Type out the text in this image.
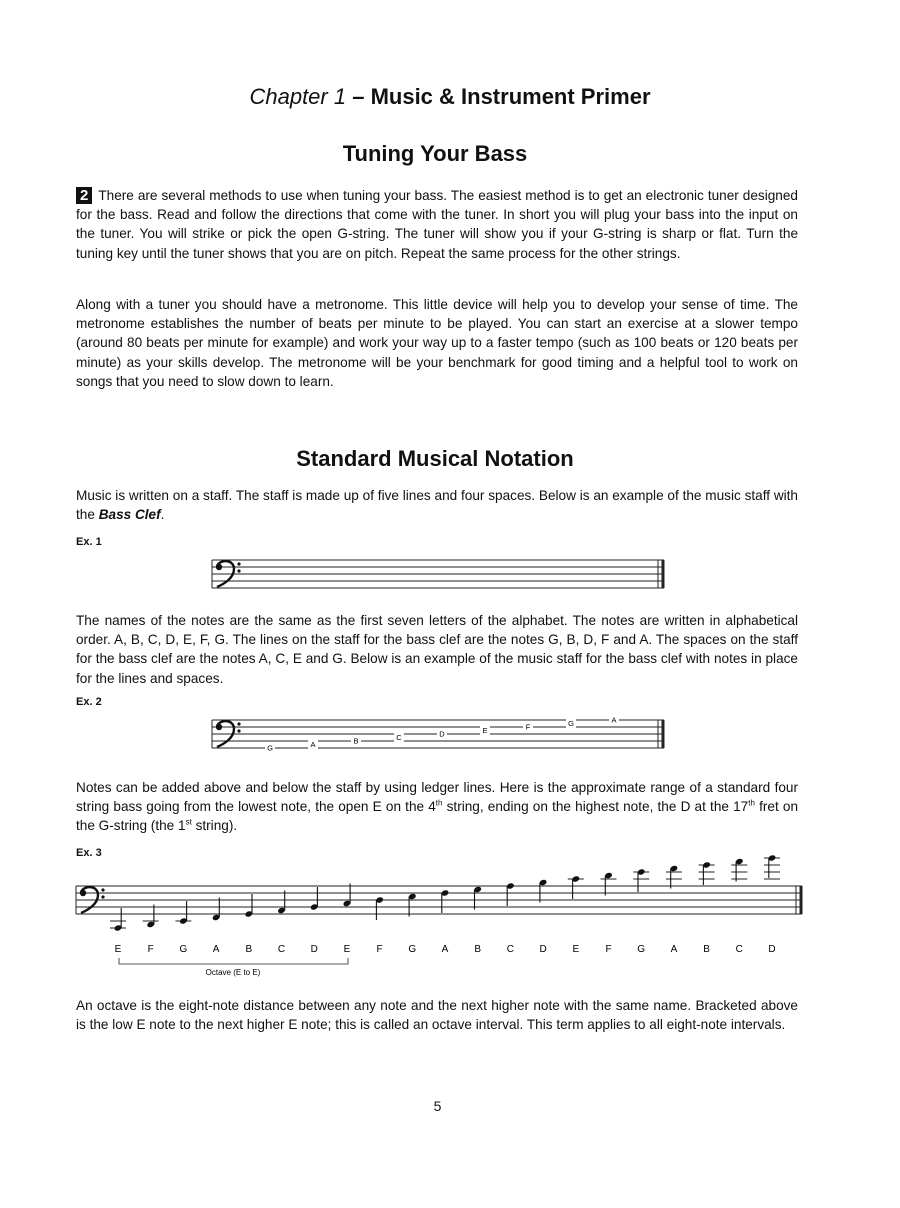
Chapter 1 – Music & Instrument Primer
Tuning Your Bass

2 There are several methods to use when tuning your bass. The easiest method is to get an electronic tuner designed for the bass. Read and follow the directions that come with the tuner. In short you will plug your bass into the input on the tuner. You will strike or pick the open G-string. The tuner will show you if your G-string is sharp or flat. Turn the tuning key until the tuner shows that you are on pitch. Repeat the same process for the other strings.

Along with a tuner you should have a metronome. This little device will help you to develop your sense of time. The metronome establishes the number of beats per minute to be played. You can start an exercise at a slower tempo (around 80 beats per minute for example) and work your way up to a faster tempo (such as 100 beats or 120 beats per minute) as your skills develop. The metronome will be your benchmark for good timing and a helpful tool to work on songs that you need to slow down to learn.

Standard Musical Notation

Music is written on a staff. The staff is made up of five lines and four spaces. Below is an example of the music staff with the Bass Clef.

Ex. 1

The names of the notes are the same as the first seven letters of the alphabet. The notes are written in alphabetical order. A, B, C, D, E, F, G. The lines on the staff for the bass clef are the notes G, B, D, F and A. The spaces on the staff for the bass clef are the notes A, C, E and G. Below is an example of the music staff for the bass clef with notes in place for the lines and spaces.

Ex. 2
G	A	B	C	D	E	F	G	A

Notes can be added above and below the staff by using ledger lines. Here is the approximate range of a standard four string bass going from the lowest note, the open E on the 4th string, ending on the highest note, the D at the 17th fret on the G-string (the 1st string).

Ex. 3
E	F	G	A	B	C	D	E	F	G	A	B	C	D	E	F	G	A	B	C	D
Octave (E to E)

An octave is the eight-note distance between any note and the next higher note with the same name. Bracketed above is the low E note to the next higher E note; this is called an octave interval. This term applies to all eight-note intervals.

5
